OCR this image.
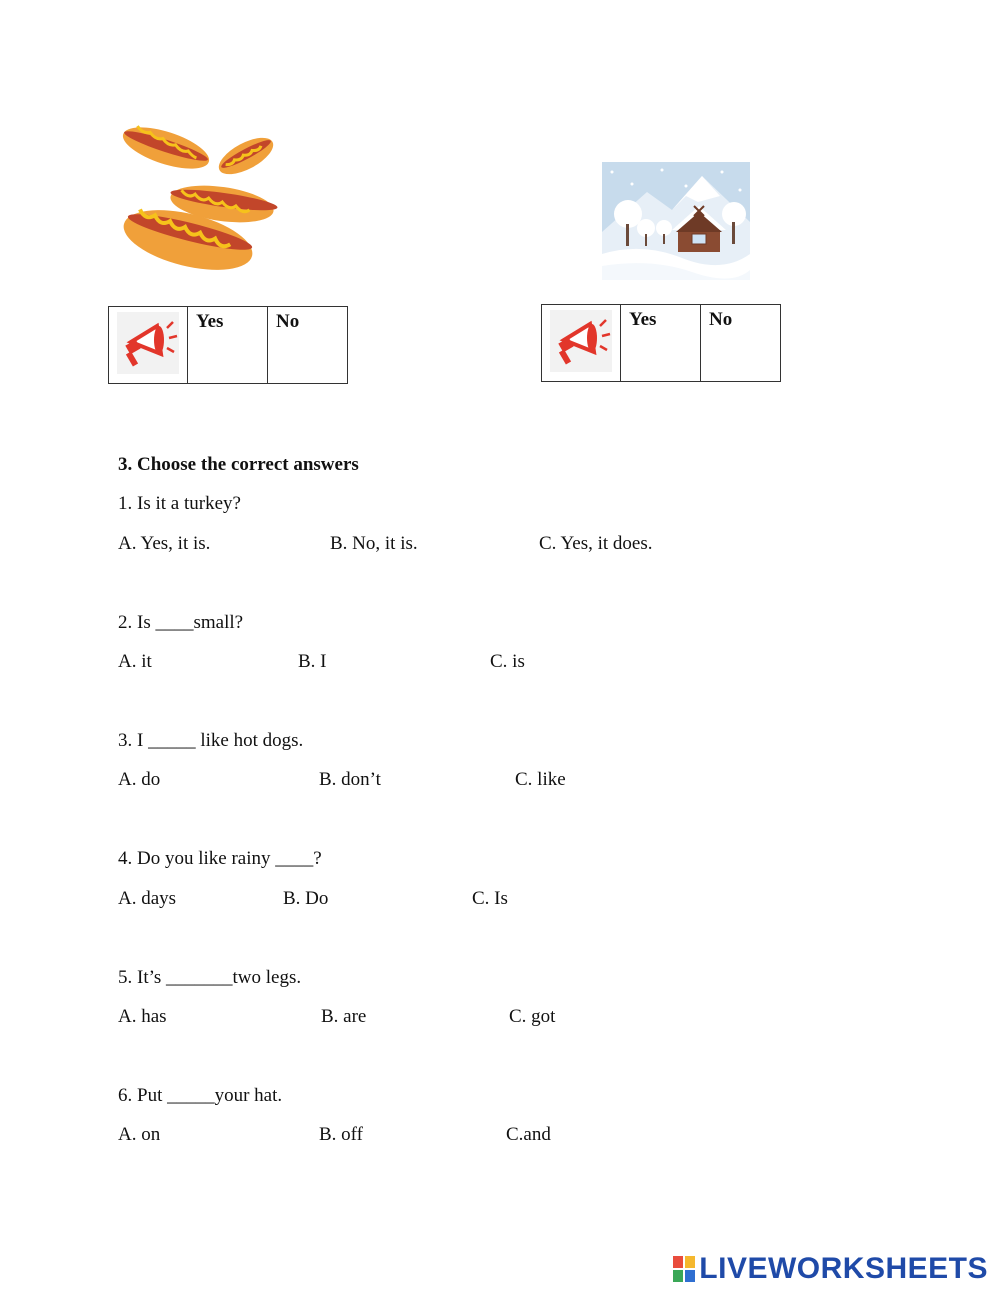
	Yes	No
		Yes	No
3. Choose the correct answers
1. Is it a turkey?
A. Yes, it is.	B. No, it is.	C. Yes, it does.
2. Is ____small?
A. it	B. I	C. is
3. I _____ like hot dogs.
A. do	B. don’t	C. like
4. Do you like rainy ____?
A. days	B. Do	C. Is
5. It’s _______two legs.
A. has	B. are	C. got
6. Put _____your hat.
A. on	B. off	C.and
LIVEWORKSHEETS
